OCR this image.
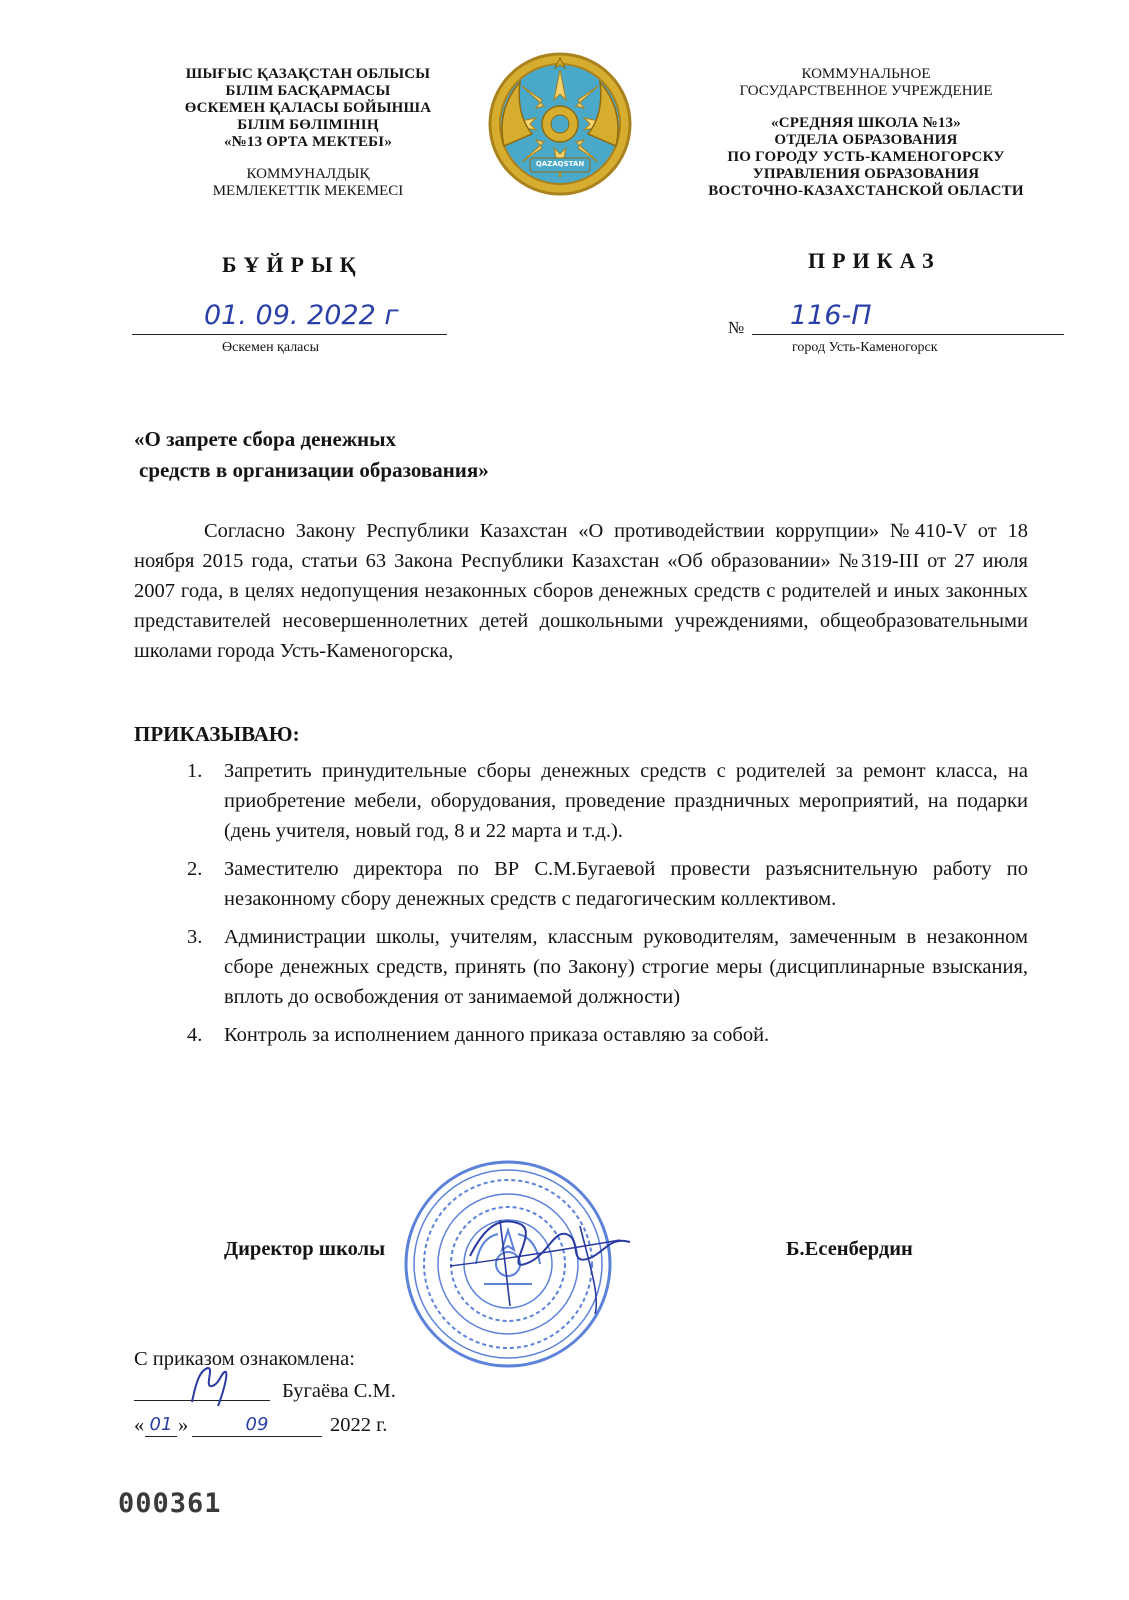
ШЫҒЫС ҚАЗАҚСТАН ОБЛЫСЫ
БІЛІМ БАСҚАРМАСЫ
ӨСКЕМЕН ҚАЛАСЫ БОЙЫНША
БІЛІМ БӨЛІМІНІҢ
«№13 ОРТА МЕКТЕБІ»
КОММУНАЛДЫҚ
МЕМЛЕКЕТТІК МЕКЕМЕСІ
БҰЙРЫҚ
01. 09. 2022 г
Өскемен қаласы
QAZAQSTAN
КОММУНАЛЬНОЕ
ГОСУДАРСТВЕННОЕ УЧРЕЖДЕНИЕ
«СРЕДНЯЯ ШКОЛА №13»
ОТДЕЛА ОБРАЗОВАНИЯ
ПО ГОРОДУ УСТЬ-КАМЕНОГОРСКУ
УПРАВЛЕНИЯ ОБРАЗОВАНИЯ
ВОСТОЧНО-КАЗАХСТАНСКОЙ ОБЛАСТИ
ПРИКАЗ
№ 116-П
город Усть-Каменогорск
«О запрете сбора денежных
средств в организации образования»
Согласно Закону Республики Казахстан «О противодействии коррупции» №410-V от 18 ноября 2015 года, статьи 63 Закона Республики Казахстан «Об образовании» №319-III от 27 июля 2007 года, в целях недопущения незаконных сборов денежных средств с родителей и иных законных представителей несовершеннолетних детей дошкольными учреждениями, общеобразовательными школами города Усть-Каменогорска,
ПРИКАЗЫВАЮ:
1. Запретить принудительные сборы денежных средств с родителей за ремонт класса, на приобретение мебели, оборудования, проведение праздничных мероприятий, на подарки (день учителя, новый год, 8 и 22 марта и т.д.).
2. Заместителю директора по ВР С.М.Бугаевой провести разъяснительную работу по незаконному сбору денежных средств с педагогическим коллективом.
3. Администрации школы, учителям, классным руководителям, замеченным в незаконном сборе денежных средств, принять (по Закону) строгие меры (дисциплинарные взыскания, вплоть до освобождения от занимаемой должности)
4. Контроль за исполнением данного приказа оставляю за собой.
Директор школы	Б.Есенбердин
С приказом ознакомлена:
Бугаёва С.М.
« 01 »	09	2022 г.
000361
